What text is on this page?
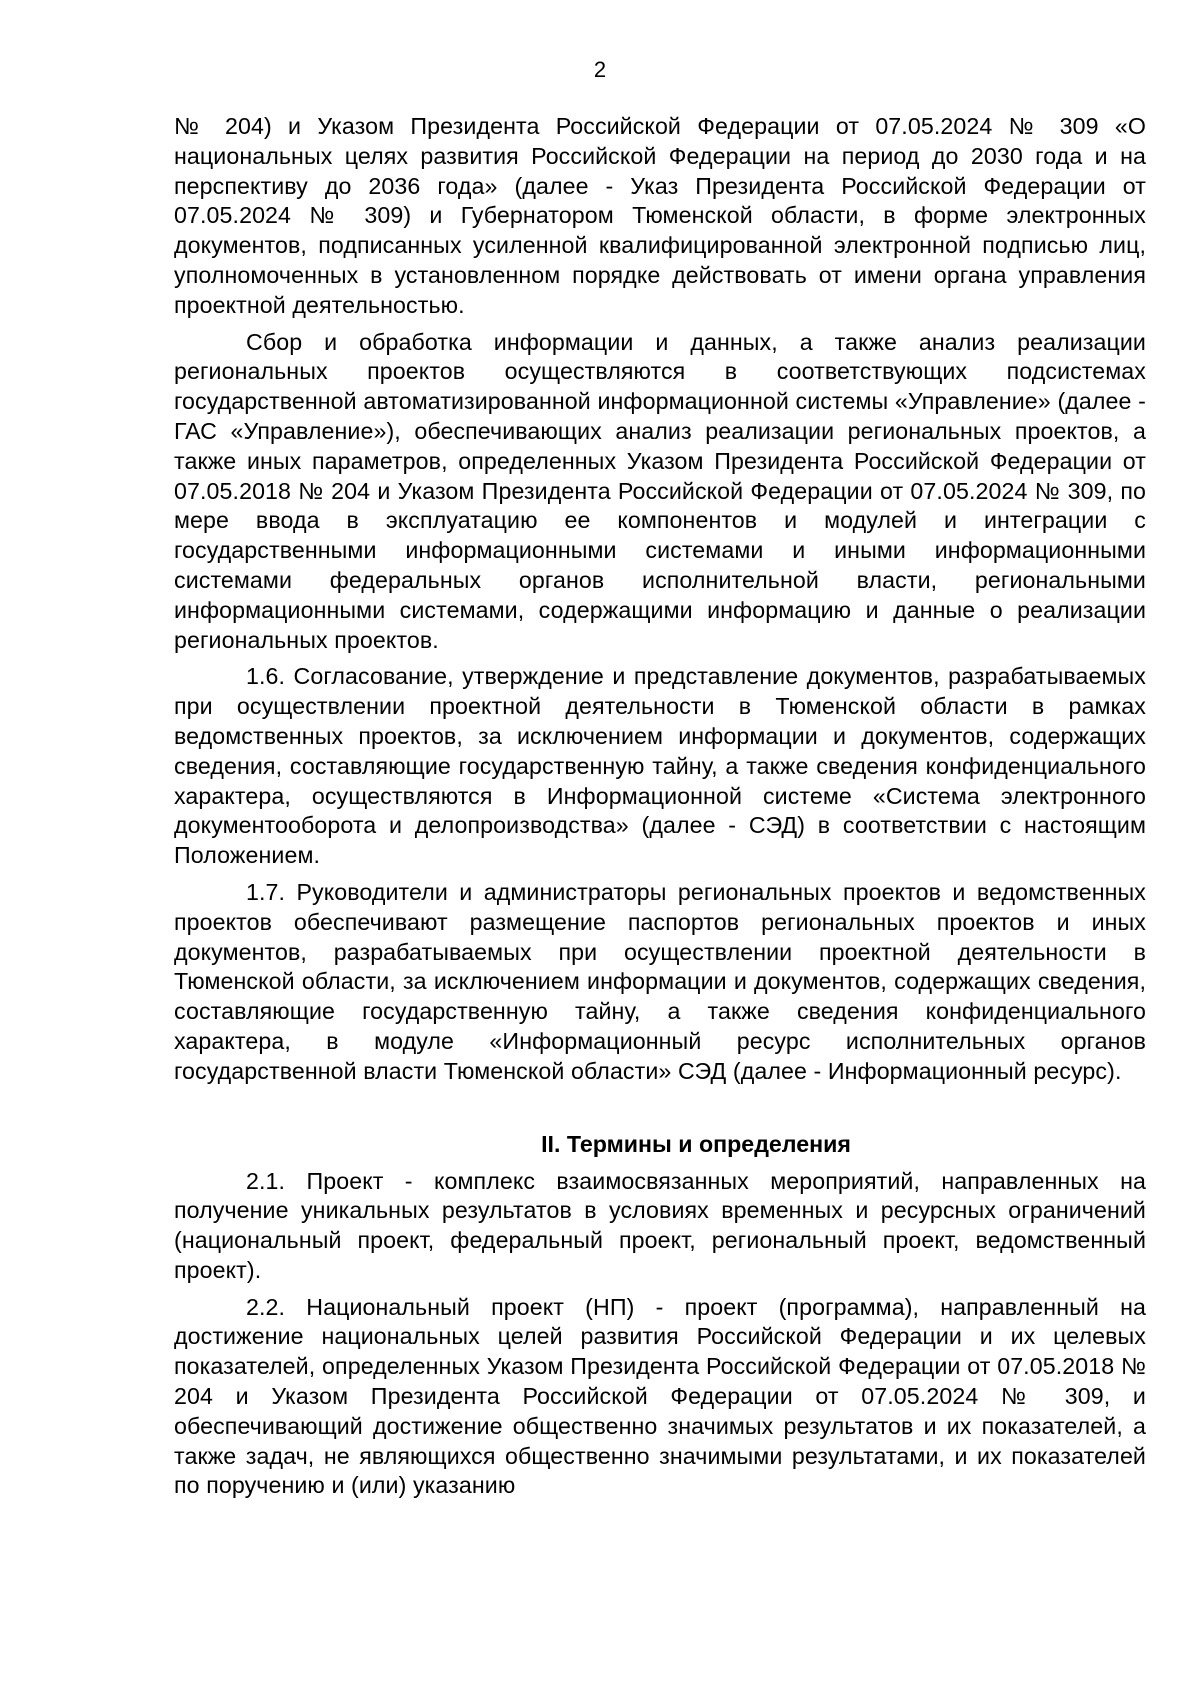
2

№ 204) и Указом Президента Российской Федерации от 07.05.2024 № 309 «О национальных целях развития Российской Федерации на период до 2030 года и на перспективу до 2036 года» (далее - Указ Президента Российской Федерации от 07.05.2024 № 309) и Губернатором Тюменской области, в форме электронных документов, подписанных усиленной квалифицированной электронной подписью лиц, уполномоченных в установленном порядке действовать от имени органа управления проектной деятельностью.

Сбор и обработка информации и данных, а также анализ реализации региональных проектов осуществляются в соответствующих подсистемах государственной автоматизированной информационной системы «Управление» (далее - ГАС «Управление»), обеспечивающих анализ реализации региональных проектов, а также иных параметров, определенных Указом Президента Российской Федерации от 07.05.2018 № 204 и Указом Президента Российской Федерации от 07.05.2024 № 309, по мере ввода в эксплуатацию ее компонентов и модулей и интеграции с государственными информационными системами и иными информационными системами федеральных органов исполнительной власти, региональными информационными системами, содержащими информацию и данные о реализации региональных проектов.

1.6. Согласование, утверждение и представление документов, разрабатываемых при осуществлении проектной деятельности в Тюменской области в рамках ведомственных проектов, за исключением информации и документов, содержащих сведения, составляющие государственную тайну, а также сведения конфиденциального характера, осуществляются в Информационной системе «Система электронного документооборота и делопроизводства» (далее - СЭД) в соответствии с настоящим Положением.

1.7. Руководители и администраторы региональных проектов и ведомственных проектов обеспечивают размещение паспортов региональных проектов и иных документов, разрабатываемых при осуществлении проектной деятельности в Тюменской области, за исключением информации и документов, содержащих сведения, составляющие государственную тайну, а также сведения конфиденциального характера, в модуле «Информационный ресурс исполнительных органов государственной власти Тюменской области» СЭД (далее - Информационный ресурс).

II. Термины и определения

2.1. Проект - комплекс взаимосвязанных мероприятий, направленных на получение уникальных результатов в условиях временных и ресурсных ограничений (национальный проект, федеральный проект, региональный проект, ведомственный проект).

2.2. Национальный проект (НП) - проект (программа), направленный на достижение национальных целей развития Российской Федерации и их целевых показателей, определенных Указом Президента Российской Федерации от 07.05.2018 № 204 и Указом Президента Российской Федерации от 07.05.2024 № 309, и обеспечивающий достижение общественно значимых результатов и их показателей, а также задач, не являющихся общественно значимыми результатами, и их показателей по поручению и (или) указанию
